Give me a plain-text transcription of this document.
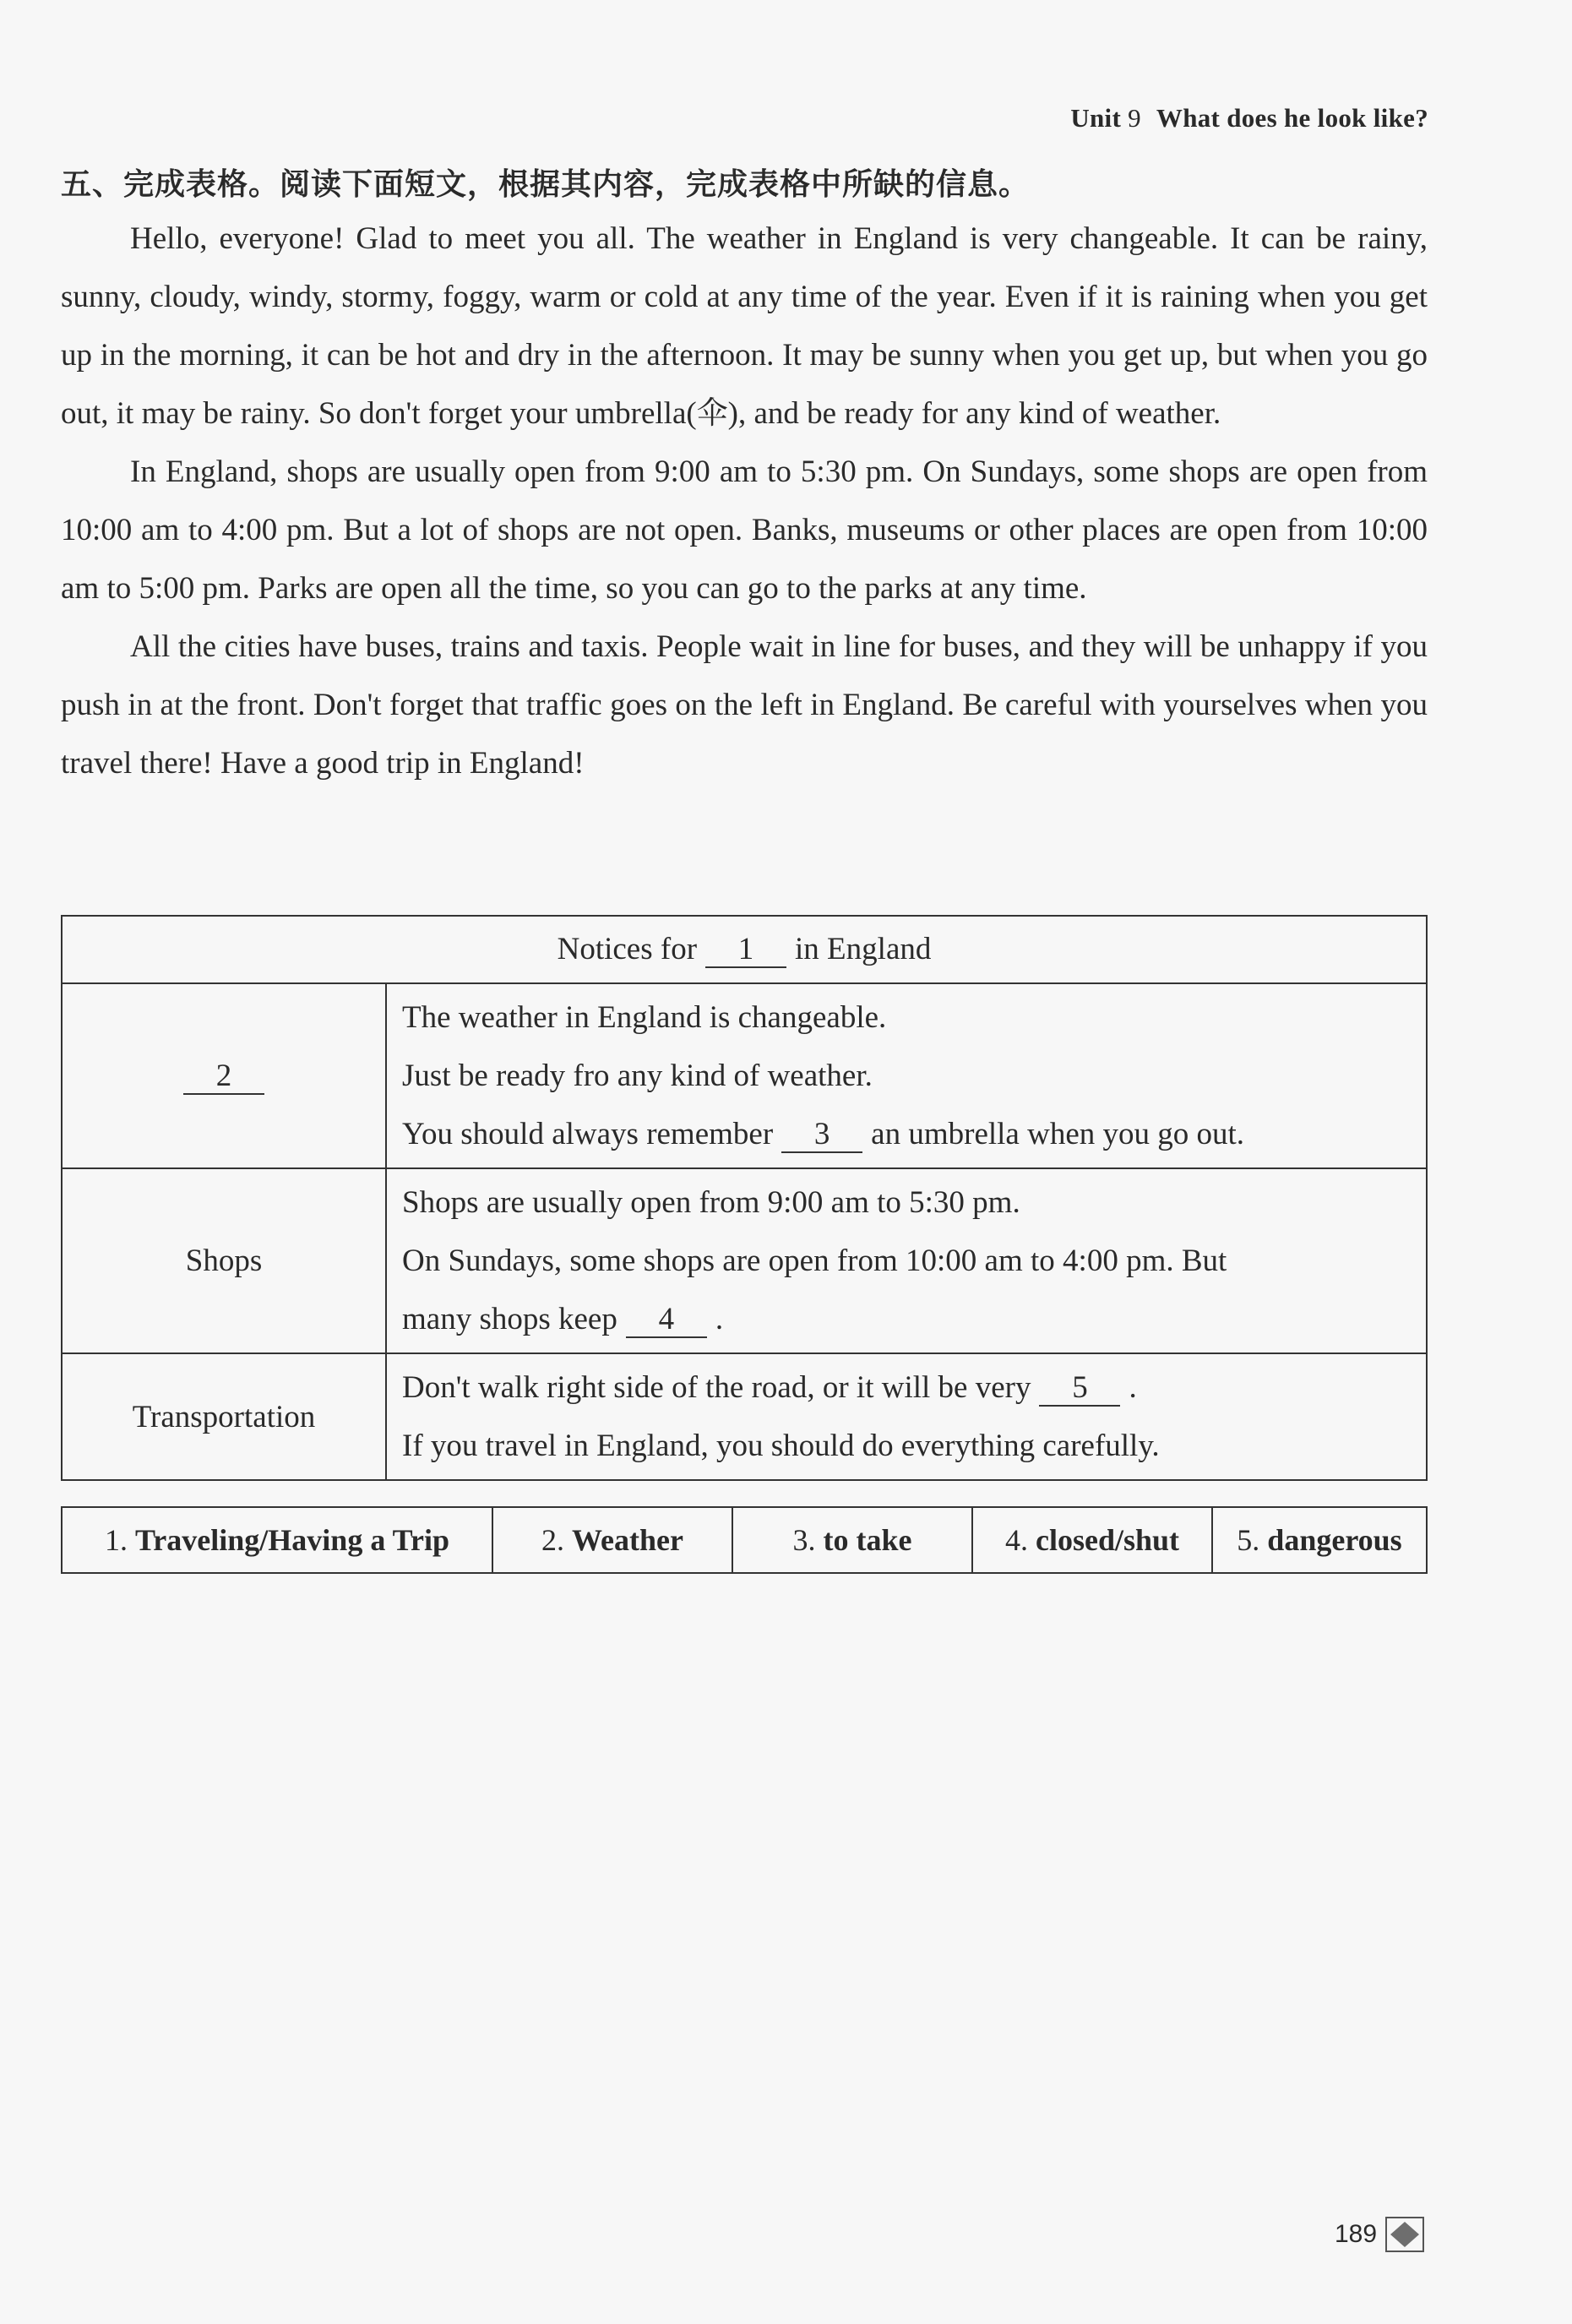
Unit 9 What does he look like?
五、完成表格。阅读下面短文，根据其内容，完成表格中所缺的信息。

Hello, everyone! Glad to meet you all. The weather in England is very changeable. It can be rainy, sunny, cloudy, windy, stormy, foggy, warm or cold at any time of the year. Even if it is raining when you get up in the morning, it can be hot and dry in the afternoon. It may be sunny when you get up, but when you go out, it may be rainy. So don't forget your umbrella(伞), and be ready for any kind of weather.

In England, shops are usually open from 9:00 am to 5:30 pm. On Sundays, some shops are open from 10:00 am to 4:00 pm. But a lot of shops are not open. Banks, museums or other places are open from 10:00 am to 5:00 pm. Parks are open all the time, so you can go to the parks at any time.

All the cities have buses, trains and taxis. People wait in line for buses, and they will be unhappy if you push in at the front. Don't forget that traffic goes on the left in England. Be careful with yourselves when you travel there! Have a good trip in England!

Notices for 1 in England	
2	The weather in England is changeable.
Just be ready fro any kind of weather.
You should always remember 3 an umbrella when you go out.

Shops	Shops are usually open from 9:00 am to 5:30 pm.
On Sundays, some shops are open from 10:00 am to 4:00 pm. But
many shops keep 4 .

Transportation	Don't walk right side of the road, or it will be very 5 .
If you travel in England, you should do everything carefully.
1. Traveling/Having a Trip	2. Weather	3. to take	4. closed/shut	5. dangerous
189
